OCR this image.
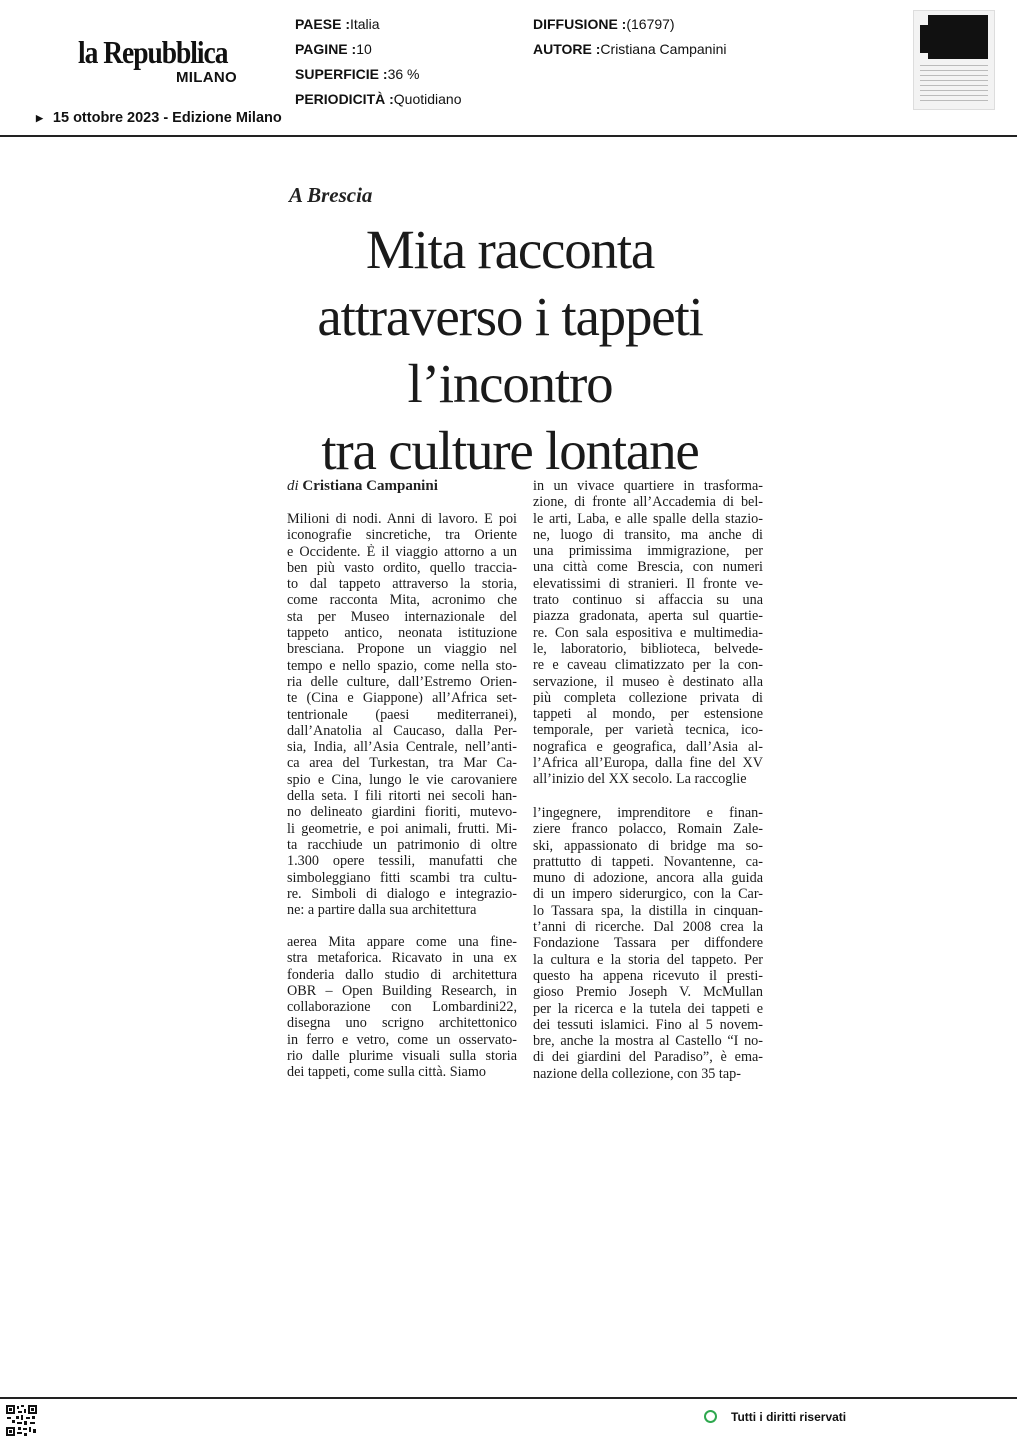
la Repubblica
MILANO
PAESE :Italia
PAGINE :10
SUPERFICIE :36 %
PERIODICITÀ :Quotidiano
DIFFUSIONE :(16797)
AUTORE :Cristiana Campanini
▶ 15 ottobre 2023 - Edizione Milano
A Brescia
Mita racconta
attraverso i tappeti
l’incontro
tra culture lontane
di Cristiana Campanini
Milioni di nodi. Anni di lavoro. E poi
iconografie sincretiche, tra Oriente
e Occidente. È il viaggio attorno a un
ben più vasto ordito, quello traccia-
to dal tappeto attraverso la storia,
come racconta Mita, acronimo che
sta per Museo internazionale del
tappeto antico, neonata istituzione
bresciana. Propone un viaggio nel
tempo e nello spazio, come nella sto-
ria delle culture, dall’Estremo Orien-
te (Cina e Giappone) all’Africa set-
tentrionale (paesi mediterranei),
dall’Anatolia al Caucaso, dalla Per-
sia, India, all’Asia Centrale, nell’anti-
ca area del Turkestan, tra Mar Ca-
spio e Cina, lungo le vie carovaniere
della seta. I fili ritorti nei secoli han-
no delineato giardini fioriti, mutevo-
li geometrie, e poi animali, frutti. Mi-
ta racchiude un patrimonio di oltre
1.300 opere tessili, manufatti che
simboleggiano fitti scambi tra cultu-
re. Simboli di dialogo e integrazio-
ne: a partire dalla sua architettura
aerea Mita appare come una fine-
stra metaforica. Ricavato in una ex
fonderia dallo studio di architettura
OBR – Open Building Research, in
collaborazione con Lombardini22,
disegna uno scrigno architettonico
in ferro e vetro, come un osservato-
rio dalle plurime visuali sulla storia
dei tappeti, come sulla città. Siamo
in un vivace quartiere in trasforma-
zione, di fronte all’Accademia di bel-
le arti, Laba, e alle spalle della stazio-
ne, luogo di transito, ma anche di
una primissima immigrazione, per
una città come Brescia, con numeri
elevatissimi di stranieri. Il fronte ve-
trato continuo si affaccia su una
piazza gradonata, aperta sul quartie-
re. Con sala espositiva e multimedia-
le, laboratorio, biblioteca, belvede-
re e caveau climatizzato per la con-
servazione, il museo è destinato alla
più completa collezione privata di
tappeti al mondo, per estensione
temporale, per varietà tecnica, ico-
nografica e geografica, dall’Asia al-
l’Africa all’Europa, dalla fine del XV
all’inizio del XX secolo. La raccoglie
l’ingegnere, imprenditore e finan-
ziere franco polacco, Romain Zale-
ski, appassionato di bridge ma so-
prattutto di tappeti. Novantenne, ca-
muno di adozione, ancora alla guida
di un impero siderurgico, con la Car-
lo Tassara spa, la distilla in cinquan-
t’anni di ricerche. Dal 2008 crea la
Fondazione Tassara per diffondere
la cultura e la storia del tappeto. Per
questo ha appena ricevuto il presti-
gioso Premio Joseph V. McMullan
per la ricerca e la tutela dei tappeti e
dei tessuti islamici. Fino al 5 novem-
bre, anche la mostra al Castello “I no-
di dei giardini del Paradiso”, è ema-
nazione della collezione, con 35 tap-
Tutti i diritti riservati
